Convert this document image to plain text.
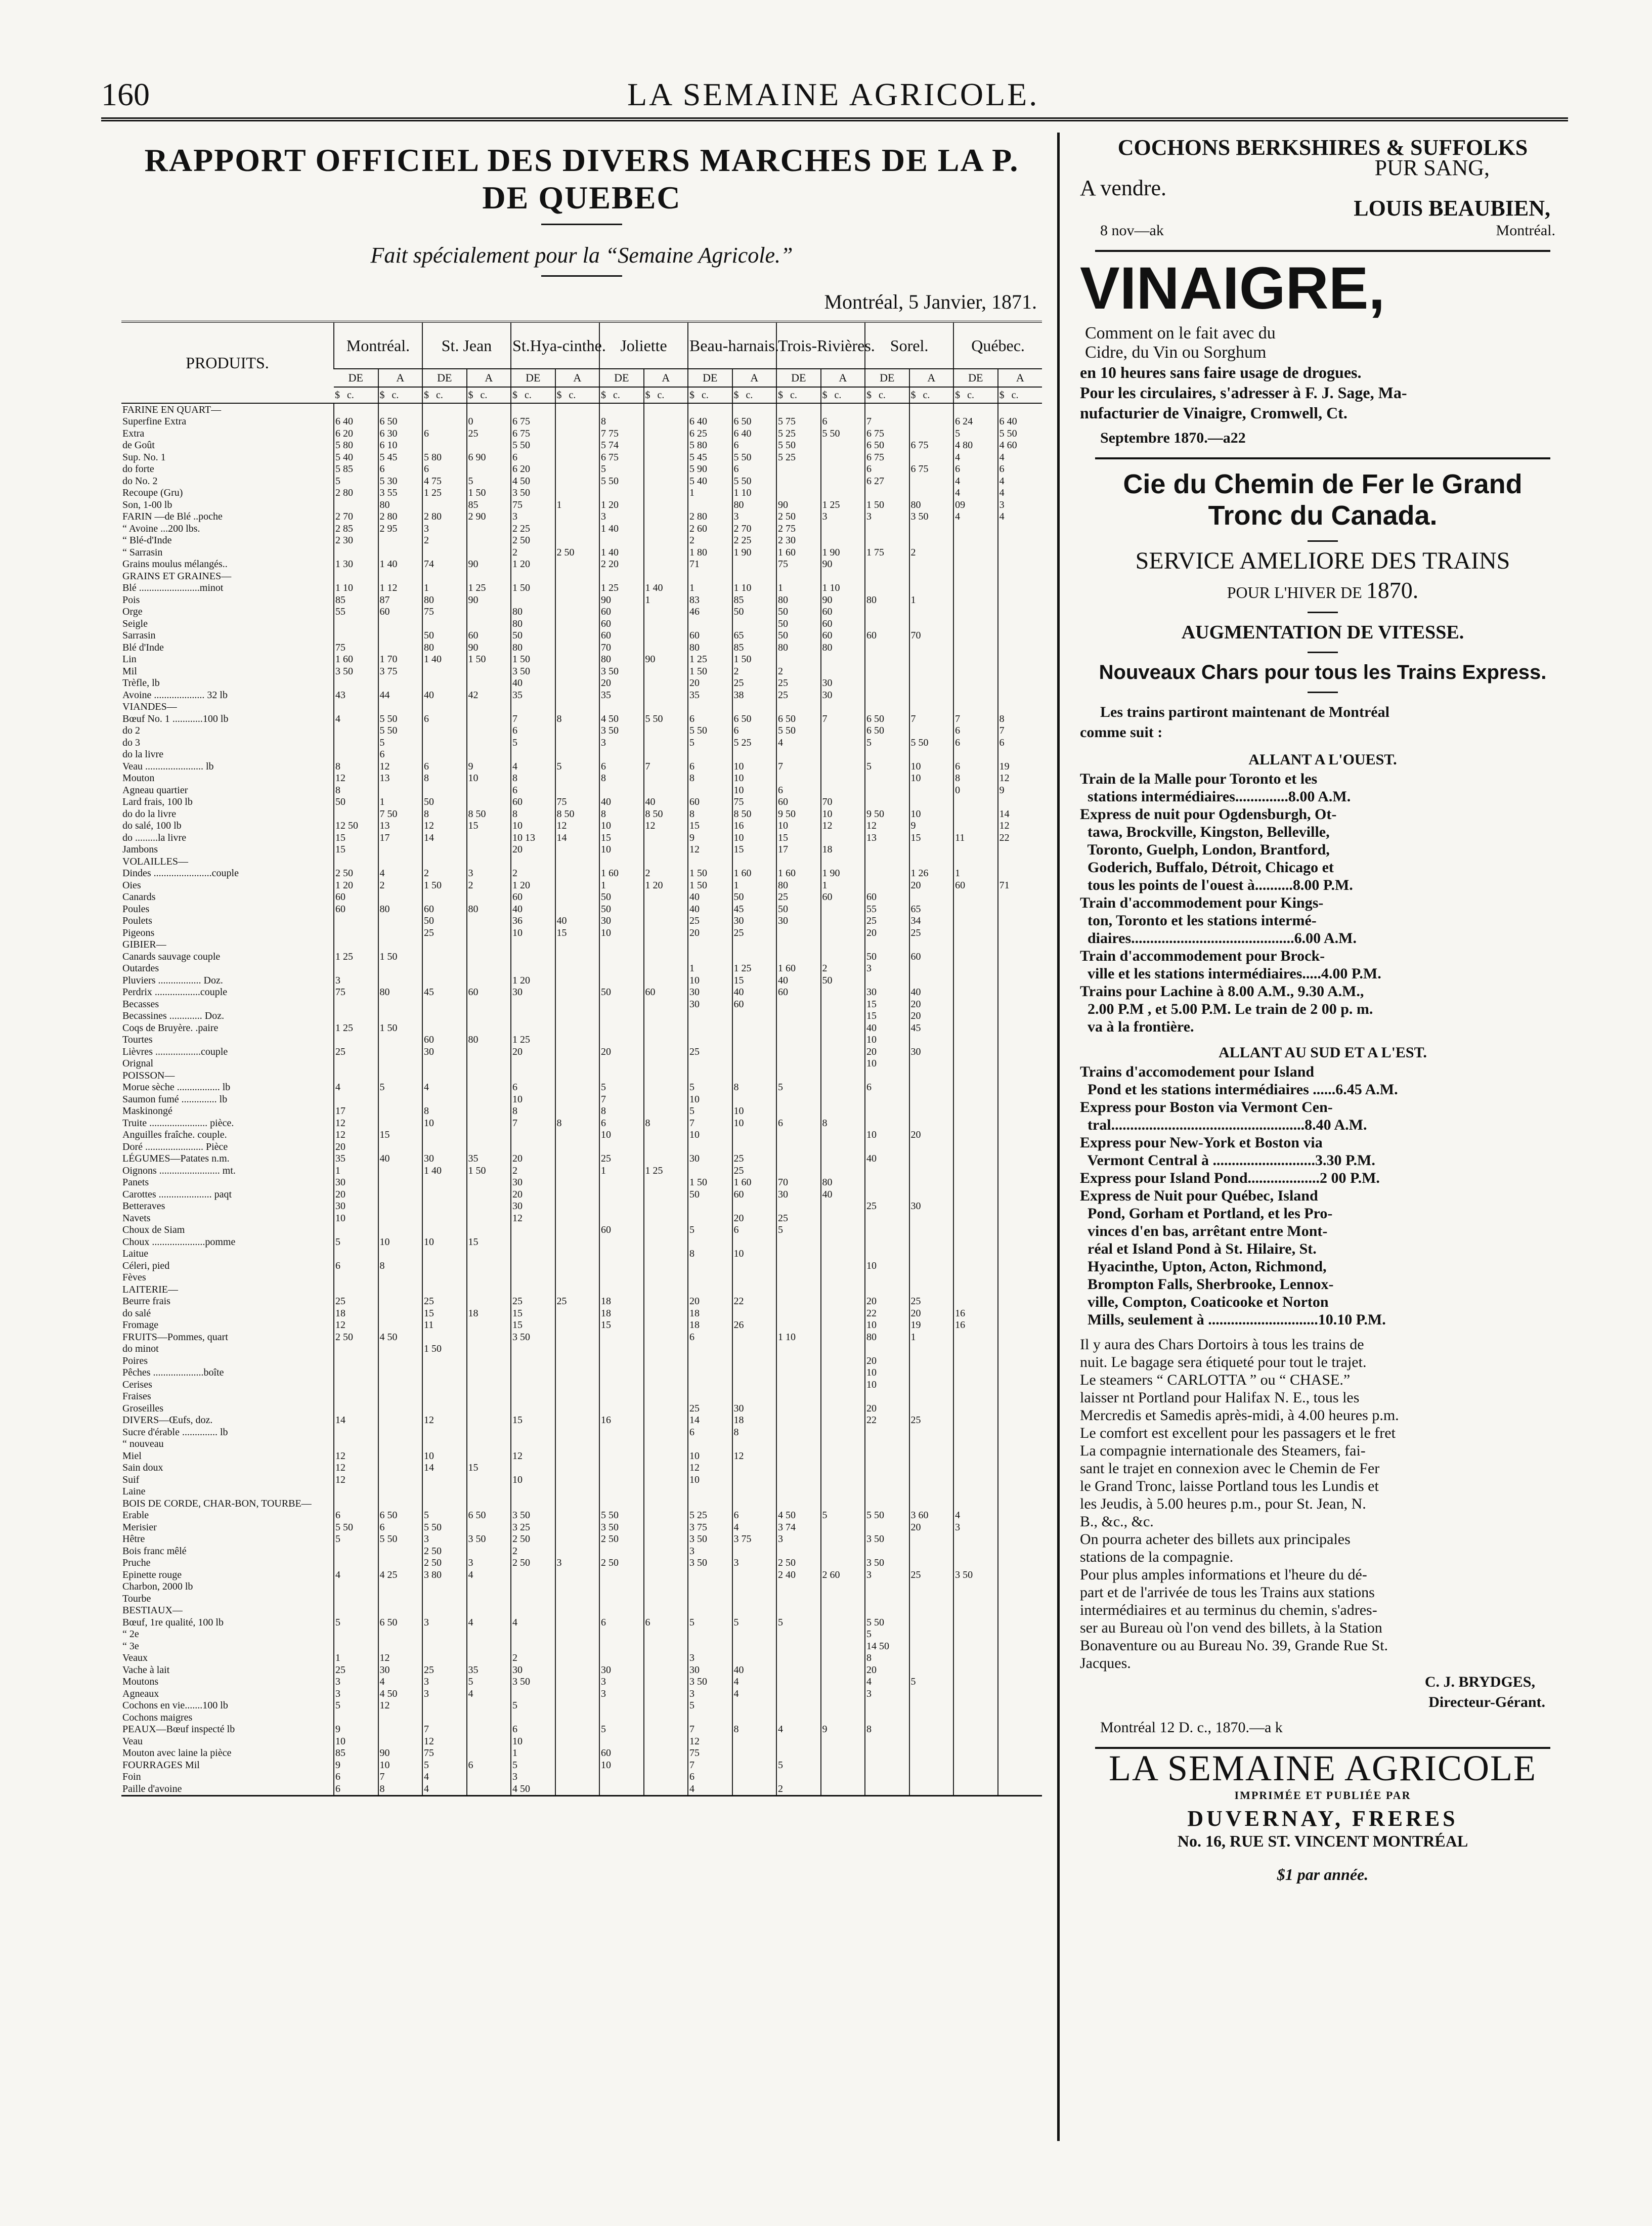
160	LA SEMAINE AGRICOLE.
RAPPORT OFFICIEL DES DIVERS MARCHES DE LA P. DE QUEBEC
Fait spécialement pour la “Semaine Agricole.”
Montréal, 5 Janvier, 1871.
PRODUITS.	Montréal.		St. Jean		St.Hya-cinthe.		Joliette		Beau-harnais.		Trois-Rivières.		Sorel.		Québec.	
	DE	A	DE	A	DE	A	DE	A	DE	A	DE	A	DE	A	DE	A
	$ c.	$ c.	$ c.	$ c.	$ c.	$ c.	$ c.	$ c.	$ c.	$ c.	$ c.	$ c.	$ c.	$ c.	$ c.	$ c.
FARINE EN QUART—																
Superfine Extra	6 40	6 50		0	6 75		8		6 40	6 50	5 75	6	7		6 24	6 40
Extra	6 20	6 30	6	25	6 75		7 75		6 25	6 40	5 25	5 50	6 75		5	5 50
de Goût	5 80	6 10			5 50		5 74		5 80	6	5 50		6 50	6 75	4 80	4 60
Sup. No. 1	5 40	5 45	5 80	6 90	6		6 75		5 45	5 50	5 25		6 75		4	4
do forte	5 85	6	6		6 20		5		5 90	6			6	6 75	6	6
do No. 2	5	5 30	4 75	5	4 50		5 50		5 40	5 50			6 27		4	4
Recoupe (Gru)	2 80	3 55	1 25	1 50	3 50				1	1 10					4	4
Son, 1‐00 lb		80		85	75	1	1 20			80	90	1 25	1 50	80	09	3
FARIN —de Blé ..poche	2 70	2 80	2 80	2 90	3		3		2 80	3	2 50	3	3	3 50	4	4
“ Avoine ...200 lbs.	2 85	2 95	3		2 25		1 40		2 60	2 70	2 75					
“ Blé-d'Inde	2 30		2		2 50				2	2 25	2 30					
“ Sarrasin					2	2 50	1 40		1 80	1 90	1 60	1 90	1 75	2		
Grains moulus mélangés..	1 30	1 40	74	90	1 20		2 20		71		75	90				
GRAINS ET GRAINES—																
Blé ........................minot	1 10	1 12	1	1 25	1 50		1 25	1 40	1	1 10	1	1 10				
Pois	85	87	80	90			90	1	83	85	80	90	80	1		
Orge	55	60	75		80		60		46	50	50	60				
Seigle					80		60				50	60				
Sarrasin			50	60	50		60		60	65	50	60	60	70		
Blé d'Inde	75		80	90	80		70		80	85	80	80				
Lin	1 60	1 70	1 40	1 50	1 50		80	90	1 25	1 50						
Mil	3 50	3 75			3 50		3 50		1 50	2	2					
Trèfle, lb					40		20		20	25	25	30				
Avoine .................... 32 lb	43	44	40	42	35		35		35	38	25	30				
VIANDES—																
Bœuf No. 1 ............100 lb	4	5 50	6		7	8	4 50	5 50	6	6 50	6 50	7	6 50	7	7	8
do 2		5 50			6		3 50		5 50	6	5 50		6 50		6	7
do 3		5			5		3		5	5 25	4		5	5 50	6	6
do la livre		6														
Veau ....................... lb	8	12	6	9	4	5	6	7	6	10	7		5	10	6	19
Mouton	12	13	8	10	8		8		8	10				10	8	12
Agneau quartier	8				6					10	6				0	9
Lard frais, 100 lb	50	1	50		60	75	40	40	60	75	60	70				
do do la livre		7 50	8	8 50	8	8 50	8	8 50	8	8 50	9 50	10	9 50	10		14
do salé, 100 lb	12 50	13	12	15	10	12	10	12	15	16	10	12	12	9		12
do .........la livre	15	17	14		10 13	14	15		9	10	15		13	15	11	22
Jambons	15				20		10		12	15	17	18				
VOLAILLES—																
Dindes .......................couple	2 50	4	2	3	2		1 60	2	1 50	1 60	1 60	1 90		1 26	1	
Oies	1 20	2	1 50	2	1 20		1	1 20	1 50	1	80	1		20	60	71
Canards	60				60		50		40	50	25	60	60			
Poules	60	80	60	80	40		50		40	45	50		55	65		
Poulets			50		36	40	30		25	30	30		25	34		
Pigeons			25		10	15	10		20	25			20	25		
GIBIER—																
Canards sauvage couple	1 25	1 50											50	60		
Outardes									1	1 25	1 60	2	3			
Pluviers ................. Doz.	3				1 20				10	15	40	50				
Perdrix ..................couple	75	80	45	60	30		50	60	30	40	60		30	40		
Becasses									30	60			15	20		
Becassines ............. Doz.													15	20		
Coqs de Bruyère. .paire	1 25	1 50											40	45		
Tourtes			60	80	1 25								10			
Lièvres ..................couple	25		30		20		20		25				20	30		
Orignal													10			
POISSON—																
Morue sèche ................. lb	4	5	4		6		5		5	8	5		6			
Saumon fumé .............. lb					10		7		10							
Maskinongé	17		8		8		8		5	10						
Truite ....................... pièce.	12		10		7	8	6	8	7	10	6	8				
Anguilles fraîche. couple.	12	15					10		10				10	20		
Doré ....................... Pièce	20															
LÉGUMES—Patates n.m.	35	40	30	35	20		25		30	25			40			
Oignons ........................ mt.	1		1 40	1 50	2		1	1 25		25						
Panets	30				30				1 50	1 60	70	80				
Carottes ..................... paqt	20				20				50	60	30	40				
Betteraves	30				30								25	30		
Navets	10				12					20	25					
Choux de Siam							60		5	6	5					
Choux .....................pomme	5	10	10	15												
Laitue									8	10						
Céleri, pied	6	8											10			
Fèves																
LAITERIE—																
Beurre frais	25		25		25	25	18		20	22			20	25		
do salé	18		15	18	15		18		18				22	20	16	
Fromage	12		11		15		15		18	26			10	19	16	
FRUITS—Pommes, quart	2 50	4 50			3 50				6		1 10		80	1		
do minot			1 50													
Poires													20			
Pêches ....................boîte													10			
Cerises													10			
Fraises																
Groseilles									25	30			20			
DIVERS—Œufs, doz.	14		12		15		16		14	18			22	25		
Sucre d'érable .............. lb									6	8						
“ nouveau																
Miel	12		10		12				10	12						
Sain doux	12		14	15					12							
Suif	12				10				10							
Laine																
BOIS DE CORDE, CHAR-BON, TOURBE—																
Erable	6	6 50	5	6 50	3 50		5 50		5 25	6	4 50	5	5 50	3 60	4	
Merisier	5 50	6	5 50		3 25		3 50		3 75	4	3 74			20	3	
Hêtre	5	5 50	3	3 50	2 50		2 50		3 50	3 75	3		3 50			
Bois franc mêlé			2 50		2				3							
Pruche			2 50	3	2 50	3	2 50		3 50	3	2 50		3 50			
Epinette rouge	4	4 25	3 80	4							2 40	2 60	3	25	3 50	
Charbon, 2000 lb																
Tourbe																
BESTIAUX—																
Bœuf, 1re qualité, 100 lb	5	6 50	3	4	4		6	6	5	5	5		5 50			
“ 2e													5			
“ 3e													14 50			
Veaux	1	12			2				3				8			
Vache à lait	25	30	25	35	30		30		30	40			20			
Moutons	3	4	3	5	3 50		3		3 50	4			4	5		
Agneaux	3	4 50	3	4			3		3	4			3			
Cochons en vie.......100 lb	5	12			5				5							
Cochons maigres																
PEAUX—Bœuf inspecté lb	9		7		6		5		7	8	4	9	8			
Veau	10		12		10				12							
Mouton avec laine la pièce	85	90	75		1		60		75							
FOURRAGES Mil	9	10	5	6	5		10		7		5					
Foin	6	7	4		3				6							
Paille d'avoine	6	8	4		4 50				4		2					
COCHONS BERKSHIRES & SUFFOLKS
PUR SANG,
A vendre.
LOUIS BEAUBIEN,
8 nov—ak	Montréal.
VINAIGRE,
Comment on le fait avec du
Cidre, du Vin ou Sorghum
en 10 heures sans faire usage de drogues.
Pour les circulaires, s'adresser à F. J. Sage, Ma-
nufacturier de Vinaigre, Cromwell, Ct.
Septembre 1870.—a22
Cie du Chemin de Fer le Grand
Tronc du Canada.
SERVICE AMELIORE DES TRAINS
POUR L'HIVER DE 1870.
AUGMENTATION DE VITESSE.
Nouveaux Chars pour tous les Trains Express.
Les trains partiront maintenant de Montréal
comme suit :
ALLANT A L'OUEST.
Train de la Malle pour Toronto et les
stations intermédiaires..............8.00 A.M.
Express de nuit pour Ogdensburgh, Ot-
tawa, Brockville, Kingston, Belleville,
Toronto, Guelph, London, Brantford,
Goderich, Buffalo, Détroit, Chicago et
tous les points de l'ouest à..........8.00 P.M.
Train d'accommodement pour Kings-
ton, Toronto et les stations intermé-
diaires...........................................6.00 A.M.
Train d'accommodement pour Brock-
ville et les stations intermédiaires.....4.00 P.M.
Trains pour Lachine à 8.00 A.M., 9.30 A.M.,
2.00 P.M , et 5.00 P.M. Le train de 2 00 p. m.
va à la frontière.
ALLANT AU SUD ET A L'EST.
Trains d'accomodement pour Island
Pond et les stations intermédiaires ......6.45 A.M.
Express pour Boston via Vermont Cen-
tral...................................................8.40 A.M.
Express pour New-York et Boston via
Vermont Central à ...........................3.30 P.M.
Express pour Island Pond...................2 00 P.M.
Express de Nuit pour Québec, Island
Pond, Gorham et Portland, et les Pro-
vinces d'en bas, arrêtant entre Mont-
réal et Island Pond à St. Hilaire, St.
Hyacinthe, Upton, Acton, Richmond,
Brompton Falls, Sherbrooke, Lennox-
ville, Compton, Coaticooke et Norton
Mills, seulement à .............................10.10 P.M.
Il y aura des Chars Dortoirs à tous les trains de
nuit. Le bagage sera étiqueté pour tout le trajet.
Le steamers “ CARLOTTA ” ou “ CHASE.”
laisser nt Portland pour Halifax N. E., tous les
Mercredis et Samedis après-midi, à 4.00 heures p.m.
Le comfort est excellent pour les passagers et le fret
La compagnie internationale des Steamers, fai-
sant le trajet en connexion avec le Chemin de Fer
le Grand Tronc, laisse Portland tous les Lundis et
les Jeudis, à 5.00 heures p.m., pour St. Jean, N.
B., &c., &c.
On pourra acheter des billets aux principales
stations de la compagnie.
Pour plus amples informations et l'heure du dé-
part et de l'arrivée de tous les Trains aux stations
intermédiaires et au terminus du chemin, s'adres-
ser au Bureau où l'on vend des billets, à la Station
Bonaventure ou au Bureau No. 39, Grande Rue St.
Jacques.
C. J. BRYDGES,
Directeur-Gérant.
Montréal 12 D. c., 1870.—a k
LA SEMAINE AGRICOLE
IMPRIMÉE ET PUBLIÉE PAR
DUVERNAY, FRERES
No. 16, RUE ST. VINCENT MONTRÉAL
$1 par année.
